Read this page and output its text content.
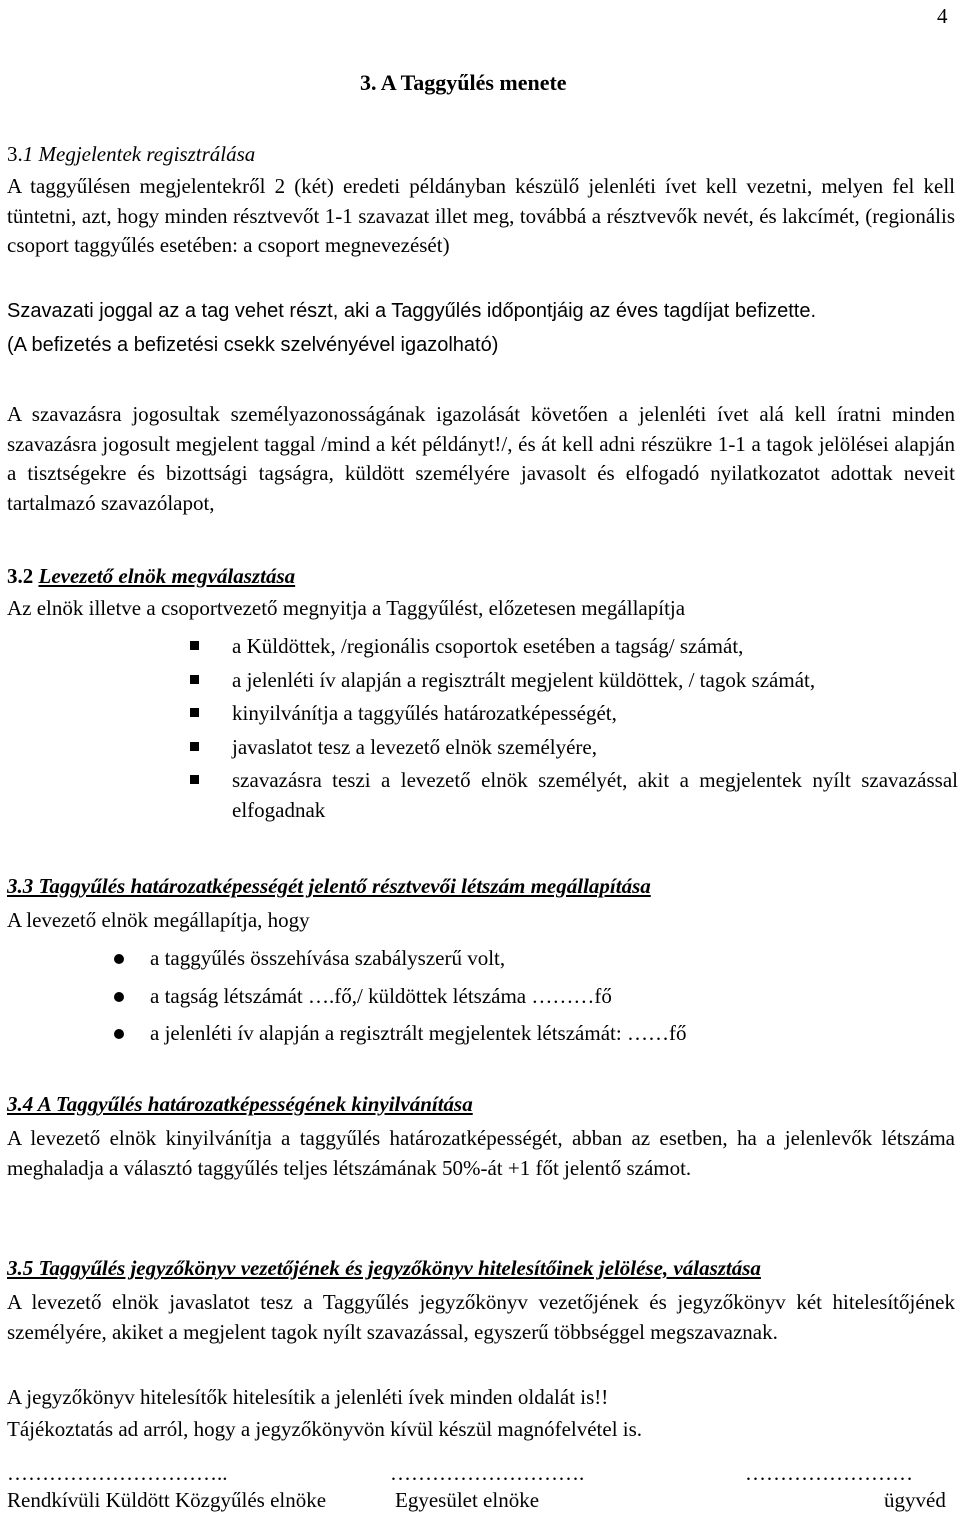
4
3. A Taggyűlés menete
3.1 Megjelentek regisztrálása
A taggyűlésen megjelentekről 2 (két) eredeti példányban készülő jelenléti ívet kell vezetni, melyen fel kell tüntetni, azt, hogy minden résztvevőt 1-1 szavazat illet meg, továbbá a résztvevők nevét, és lakcímét, (regionális csoport taggyűlés esetében: a csoport megnevezését)
Szavazati joggal az a tag vehet részt, aki a Taggyűlés időpontjáig az éves tagdíjat befizette.
(A befizetés a befizetési csekk szelvényével igazolható)
A szavazásra jogosultak személyazonosságának igazolását követően a jelenléti ívet alá kell íratni minden szavazásra jogosult megjelent taggal /mind a két példányt!/, és át kell adni részükre 1-1 a tagok jelölései alapján a tisztségekre és bizottsági tagságra, küldött személyére javasolt és elfogadó nyilatkozatot adottak neveit tartalmazó szavazólapot,
3.2 Levezető elnök megválasztása
Az elnök illetve a csoportvezető megnyitja a Taggyűlést, előzetesen megállapítja
a Küldöttek, /regionális csoportok esetében a tagság/ számát,
a jelenléti ív alapján a regisztrált megjelent küldöttek, / tagok számát,
kinyilvánítja a taggyűlés határozatképességét,
javaslatot tesz a levezető elnök személyére,
szavazásra teszi a levezető elnök személyét, akit a megjelentek nyílt szavazással elfogadnak
3.3 Taggyűlés határozatképességét jelentő résztvevői létszám megállapítása
A levezető elnök megállapítja, hogy
a taggyűlés összehívása szabályszerű volt,
a tagság létszámát ….fő,/ küldöttek létszáma ………fő
a jelenléti ív alapján a regisztrált megjelentek létszámát: ……fő
3.4 A Taggyűlés határozatképességének kinyilvánítása
A levezető elnök kinyilvánítja a taggyűlés határozatképességét, abban az esetben, ha a jelenlevők létszáma meghaladja a választó taggyűlés teljes létszámának 50%-át +1 főt jelentő számot.
3.5 Taggyűlés jegyzőkönyv vezetőjének és jegyzőkönyv hitelesítőinek jelölése, választása
A levezető elnök javaslatot tesz a Taggyűlés jegyzőkönyv vezetőjének és jegyzőkönyv két hitelesítőjének személyére, akiket a megjelent tagok nyílt szavazással, egyszerű többséggel megszavaznak.
A jegyzőkönyv hitelesítők hitelesítik a jelenléti ívek minden oldalát is!!
Tájékoztatás ad arról, hogy a jegyzőkönyvön kívül készül magnófelvétel is.
…………………………..	……………………….	……………………
Rendkívüli Küldött Közgyűlés elnöke	Egyesület elnöke	ügyvéd
